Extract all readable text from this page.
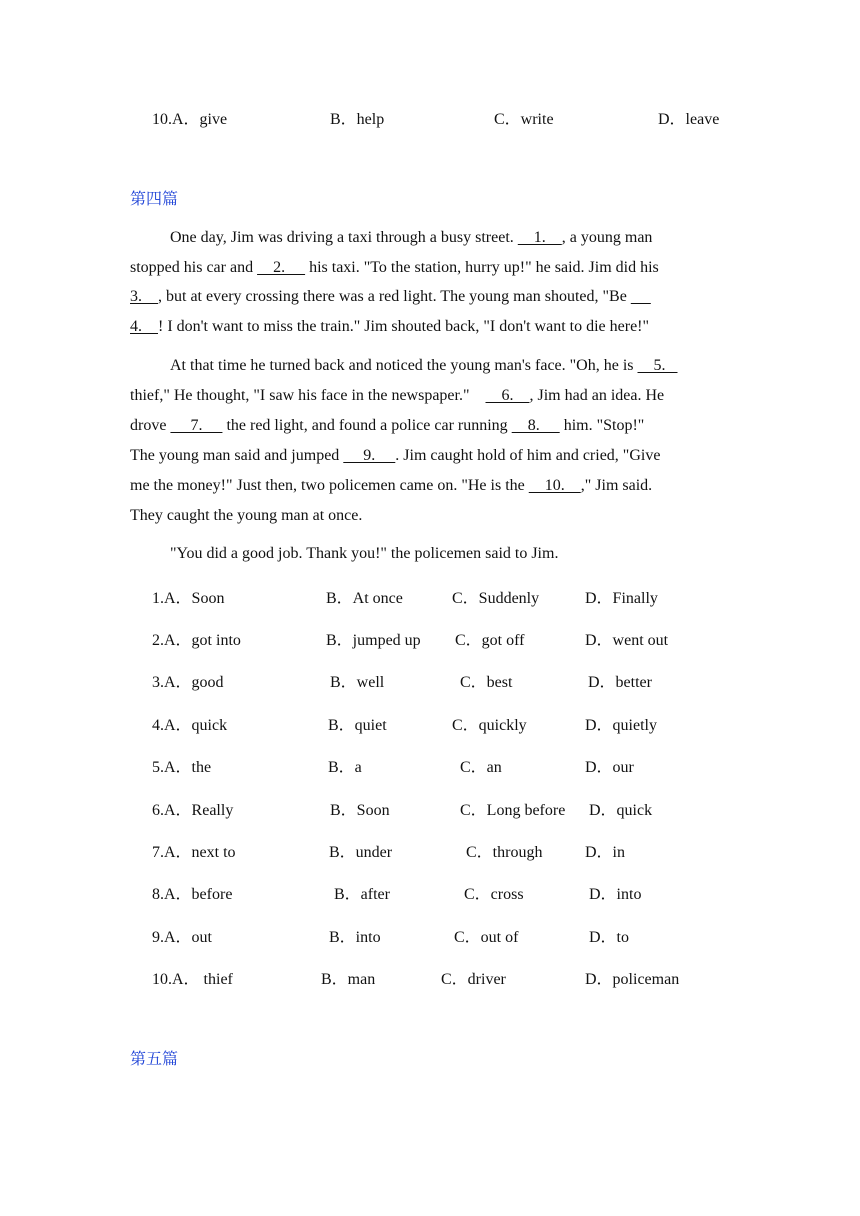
10.A．give	B．help	C．write	D．leave
第四篇
One day, Jim was driving a taxi through a busy street.     1.    , a young man
stopped his car and     2.      his taxi. "To the station, hurry up!" he said. Jim did his
3.    , but at every crossing there was a red light. The young man shouted, "Be
4.    ! I don't want to miss the train." Jim shouted back, "I don't want to die here!"
At that time he turned back and noticed the young man's face. "Oh, he is     5.
thief," He thought, "I saw his face in the newspaper."        6.    , Jim had an idea. He
drove      7.      the red light, and found a police car running     8.      him. "Stop!"
The young man said and jumped      9.     . Jim caught hold of him and cried, "Give
me the money!" Just then, two policemen came on. "He is the     10.    ," Jim said.
They caught the young man at once.
"You did a good job. Thank you!" the policemen said to Jim.
1.A．Soon	B．At once	C．Suddenly	D．Finally
2.A．got into	B．jumped up C．got off	D．went out
3.A．good	B．well	C．best	D．better
4.A．quick	B．quiet	C．quickly	D．quietly
5.A．the	B．a	C．an	D．our
6.A．Really	B．Soon	C．Long before D．quick
7.A．next to	B．under	C．through	D．in
8.A．before	B．after	C．cross	D．into
9.A．out	B．into	C．out of	D．to
10.A． thief	B．man	C．driver	D．policeman
第五篇
